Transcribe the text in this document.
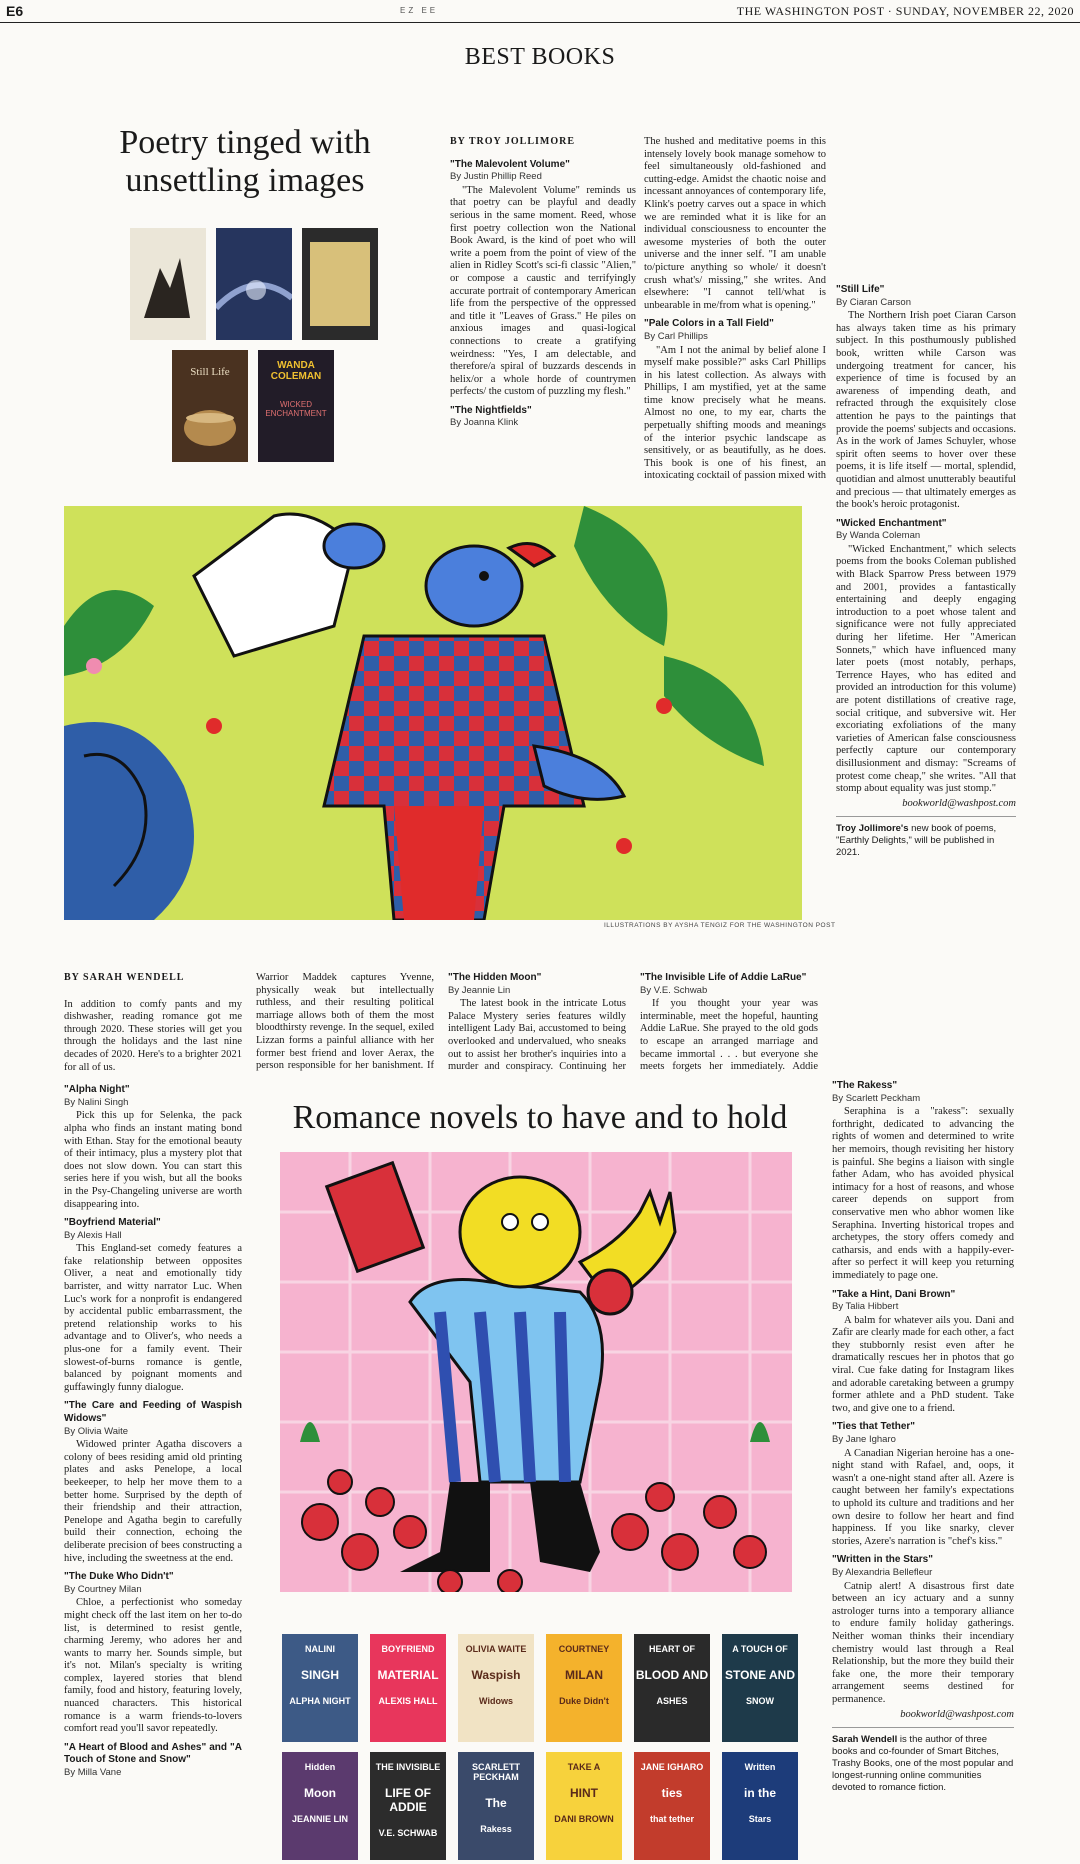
E6	EZ EE	THE WASHINGTON POST · SUNDAY, NOVEMBER 22, 2020
BEST BOOKS
Poetry tinged with unsettling images
Still Life
WANDA COLEMAN
WICKED ENCHANTMENT

BY TROY JOLLIMORE

"The Malevolent Volume"

By Justin Phillip Reed

"The Malevolent Volume" reminds us that poetry can be playful and deadly serious in the same moment. Reed, whose first poetry collection won the National Book Award, is the kind of poet who will write a poem from the point of view of the alien in Ridley Scott's sci-fi classic "Alien," or compose a caustic and terrifyingly accurate portrait of contemporary American life from the perspective of the oppressed and title it "Leaves of Grass." He piles on anxious images and quasi-logical connections to create a gratifying weirdness: "Yes, I am delectable, and therefore/a spiral of buzzards descends in helix/or a whole horde of countrymen perfects/ the custom of puzzling my flesh."

"The Nightfields"

By Joanna Klink

The hushed and meditative poems in this intensely lovely book manage somehow to feel simultaneously old-fashioned and cutting-edge. Amidst the chaotic noise and incessant annoyances of contemporary life, Klink's poetry carves out a space in which we are reminded what it is like for an individual consciousness to encounter the awesome mysteries of both the outer universe and the inner self. "I am unable to/picture anything so whole/ it doesn't crush what's/ missing," she writes. And elsewhere: "I cannot tell/what is unbearable in me/from what is opening."

"Pale Colors in a Tall Field"

By Carl Phillips

"Am I not the animal by belief alone I myself make possible?" asks Carl Phillips in his latest collection. As always with Phillips, I am mystified, yet at the same time know precisely what he means. Almost no one, to my ear, charts the perpetually shifting moods and meanings of the interior psychic landscape as sensitively, or as beautifully, as he does. This book is one of his finest, an intoxicating cocktail of passion mixed with

"Still Life"

By Ciaran Carson

The Northern Irish poet Ciaran Carson has always taken time as his primary subject. In this posthumously published book, written while Carson was undergoing treatment for cancer, his experience of time is focused by an awareness of impending death, and refracted through the exquisitely close attention he pays to the paintings that provide the poems' subjects and occasions. As in the work of James Schuyler, whose spirit often seems to hover over these poems, it is life itself — mortal, splendid, quotidian and almost unutterably beautiful and precious — that ultimately emerges as the book's heroic protagonist.

"Wicked Enchantment"

By Wanda Coleman

"Wicked Enchantment," which selects poems from the books Coleman published with Black Sparrow Press between 1979 and 2001, provides a fantastically entertaining and deeply engaging introduction to a poet whose talent and significance were not fully appreciated during her lifetime. Her "American Sonnets," which have influenced many later poets (most notably, perhaps, Terrence Hayes, who has edited and provided an introduction for this volume) are potent distillations of creative rage, social critique, and subversive wit. Her excoriating exfoliations of the many varieties of American false consciousness perfectly capture our contemporary disillusionment and dismay: "Screams of protest come cheap," she writes. "All that stomp about equality was just stomp."

bookworld@washpost.com

Troy Jollimore's new book of poems, "Earthly Delights," will be published in 2021.

ILLUSTRATIONS BY AYSHA TENGIZ FOR THE WASHINGTON POST

BY SARAH WENDELL

In addition to comfy pants and my dishwasher, reading romance got me through 2020. These stories will get you through the holidays and the last nine decades of 2020. Here's to a brighter 2021 for all of us.

"Alpha Night"

By Nalini Singh

Pick this up for Selenka, the pack alpha who finds an instant mating bond with Ethan. Stay for the emotional beauty of their intimacy, plus a mystery plot that does not slow down. You can start this series here if you wish, but all the books in the Psy-Changeling universe are worth disappearing into.

"Boyfriend Material"

By Alexis Hall

This England-set comedy features a fake relationship between opposites Oliver, a neat and emotionally tidy barrister, and witty narrator Luc. When Luc's work for a nonprofit is endangered by accidental public embarrassment, the pretend relationship works to his advantage and to Oliver's, who needs a plus-one for a family event. Their slowest-of-burns romance is gentle, balanced by poignant moments and guffawingly funny dialogue.

"The Care and Feeding of Waspish Widows"

By Olivia Waite

Widowed printer Agatha discovers a colony of bees residing amid old printing plates and asks Penelope, a local beekeeper, to help her move them to a better home. Surprised by the depth of their friendship and their attraction, Penelope and Agatha begin to carefully build their connection, echoing the deliberate precision of bees constructing a hive, including the sweetness at the end.

"The Duke Who Didn't"

By Courtney Milan

Chloe, a perfectionist who someday might check off the last item on her to-do list, is determined to resist gentle, charming Jeremy, who adores her and wants to marry her. Sounds simple, but it's not. Milan's specialty is writing complex, layered stories that blend family, food and history, featuring lovely, nuanced characters. This historical romance is a warm friends-to-lovers comfort read you'll savor repeatedly.

"A Heart of Blood and Ashes" and "A Touch of Stone and Snow"

By Milla Vane

Warrior Maddek captures Yvenne, physically weak but intellectually ruthless, and their resulting political marriage allows both of them the most bloodthirsty revenge. In the sequel, exiled Lizzan forms a painful alliance with her former best friend and lover Aerax, the person responsible for her banishment. If

"The Hidden Moon"

By Jeannie Lin

The latest book in the intricate Lotus Palace Mystery series features wildly intelligent Lady Bai, accustomed to being overlooked and undervalued, who sneaks out to assist her brother's inquiries into a murder and conspiracy. Continuing her

"The Invisible Life of Addie LaRue"

By V.E. Schwab

If you thought your year was interminable, meet the hopeful, haunting Addie LaRue. She prayed to the old gods to escape an arranged marriage and became immortal . . . but everyone she meets forgets her immediately. Addie

"The Rakess"

By Scarlett Peckham

Seraphina is a "rakess": sexually forthright, dedicated to advancing the rights of women and determined to write her memoirs, though revisiting her history is painful. She begins a liaison with single father Adam, who has avoided physical intimacy for a host of reasons, and whose career depends on support from conservative men who abhor women like Seraphina. Inverting historical tropes and archetypes, the story offers comedy and catharsis, and ends with a happily-ever-after so perfect it will keep you returning immediately to page one.

"Take a Hint, Dani Brown"

By Talia Hibbert

A balm for whatever ails you. Dani and Zafir are clearly made for each other, a fact they stubbornly resist even after he dramatically rescues her in photos that go viral. Cue fake dating for Instagram likes and adorable caretaking between a grumpy former athlete and a PhD student. Take two, and give one to a friend.

"Ties that Tether"

By Jane Igharo

A Canadian Nigerian heroine has a one-night stand with Rafael, and, oops, it wasn't a one-night stand after all. Azere is caught between her family's expectations to uphold its culture and traditions and her own desire to follow her heart and find happiness. If you like snarky, clever stories, Azere's narration is "chef's kiss."

"Written in the Stars"

By Alexandria Bellefleur

Catnip alert! A disastrous first date between an icy actuary and a sunny astrologer turns into a temporary alliance to endure family holiday gatherings. Neither woman thinks their incendiary chemistry would last through a Real Relationship, but the more they build their fake one, the more their temporary arrangement seems destined for permanence.

bookworld@washpost.com

Sarah Wendell is the author of three books and co-founder of Smart Bitches, Trashy Books, one of the most popular and longest-running online communities devoted to romance fiction.

Romance novels to have and to hold
NALINI
SINGH
ALPHA NIGHT
BOYFRIEND
MATERIAL
ALEXIS HALL
OLIVIA WAITE
Waspish
Widows
COURTNEY
MILAN
Duke Didn't
HEART OF
BLOOD AND
ASHES
A TOUCH OF
STONE AND
SNOW
Hidden
Moon
JEANNIE LIN
THE INVISIBLE
LIFE OF ADDIE
V.E. SCHWAB
SCARLETT PECKHAM
The
Rakess
TAKE A
HINT
DANI BROWN
JANE IGHARO
ties
that tether
Written
in the
Stars
